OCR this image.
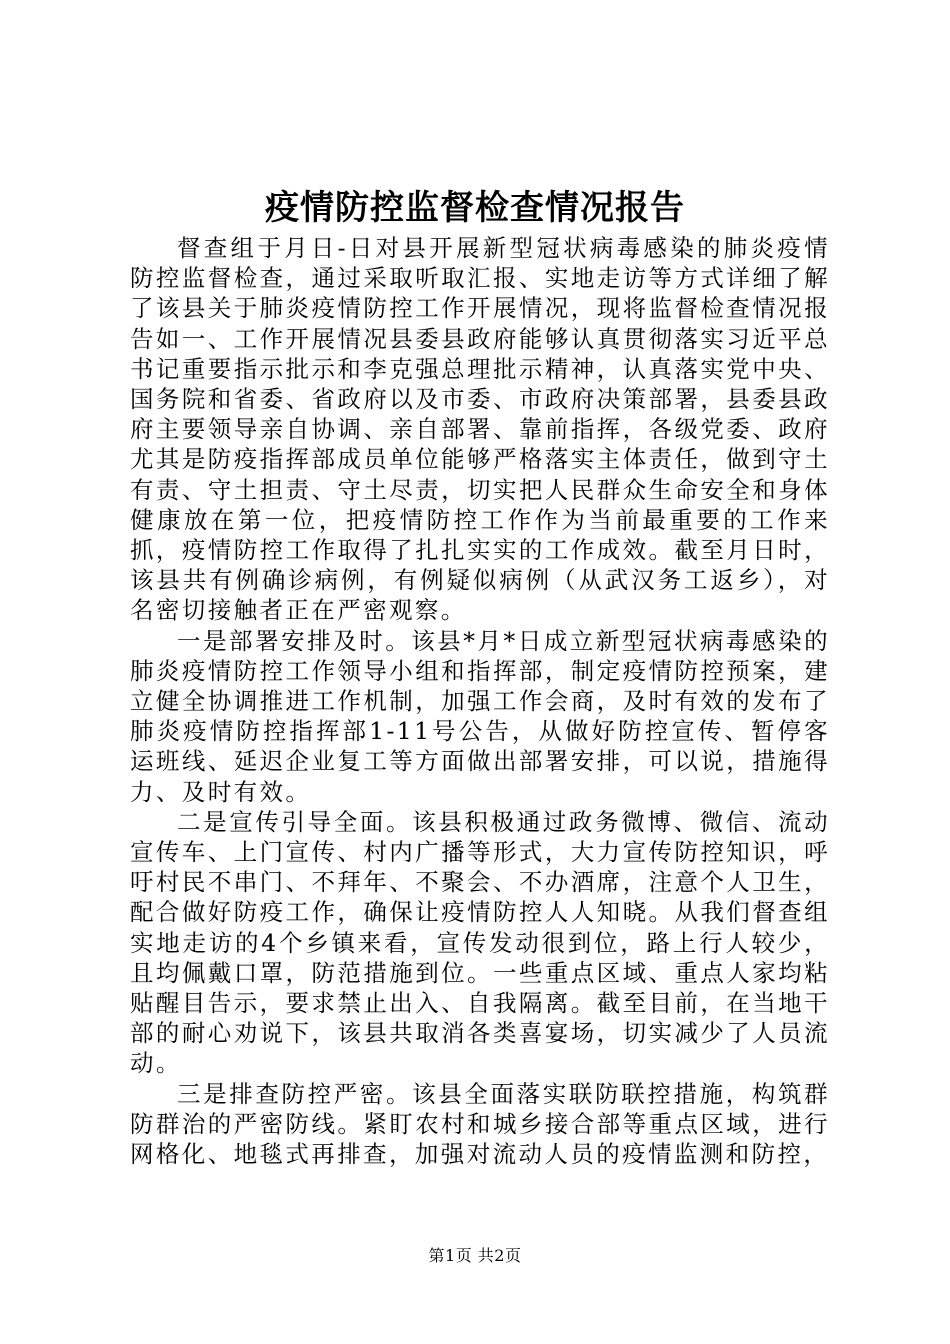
疫情防控监督检查情况报告

督查组于月日-日对县开展新型冠状病毒感染的肺炎疫情防控监督检查，通过采取听取汇报、实地走访等方式详细了解了该县关于肺炎疫情防控工作开展情况，现将监督检查情况报告如一、工作开展情况县委县政府能够认真贯彻落实习近平总书记重要指示批示和李克强总理批示精神，认真落实党中央、国务院和省委、省政府以及市委、市政府决策部署，县委县政府主要领导亲自协调、亲自部署、靠前指挥，各级党委、政府尤其是防疫指挥部成员单位能够严格落实主体责任，做到守土有责、守土担责、守土尽责，切实把人民群众生命安全和身体健康放在第一位，把疫情防控工作作为当前最重要的工作来抓，疫情防控工作取得了扎扎实实的工作成效。截至月日时，该县共有例确诊病例，有例疑似病例（从武汉务工返乡），对名密切接触者正在严密观察。

一是部署安排及时。该县*月*日成立新型冠状病毒感染的肺炎疫情防控工作领导小组和指挥部，制定疫情防控预案，建立健全协调推进工作机制，加强工作会商，及时有效的发布了肺炎疫情防控指挥部1-11号公告，从做好防控宣传、暂停客运班线、延迟企业复工等方面做出部署安排，可以说，措施得力、及时有效。

二是宣传引导全面。该县积极通过政务微博、微信、流动宣传车、上门宣传、村内广播等形式，大力宣传防控知识，呼吁村民不串门、不拜年、不聚会、不办酒席，注意个人卫生，配合做好防疫工作，确保让疫情防控人人知晓。从我们督查组实地走访的4个乡镇来看，宣传发动很到位，路上行人较少，且均佩戴口罩，防范措施到位。一些重点区域、重点人家均粘贴醒目告示，要求禁止出入、自我隔离。截至目前，在当地干部的耐心劝说下，该县共取消各类喜宴场，切实减少了人员流动。

三是排查防控严密。该县全面落实联防联控措施，构筑群防群治的严密防线。紧盯农村和城乡接合部等重点区域，进行网格化、地毯式再排查，加强对流动人员的疫情监测和防控，

第1页 共2页
